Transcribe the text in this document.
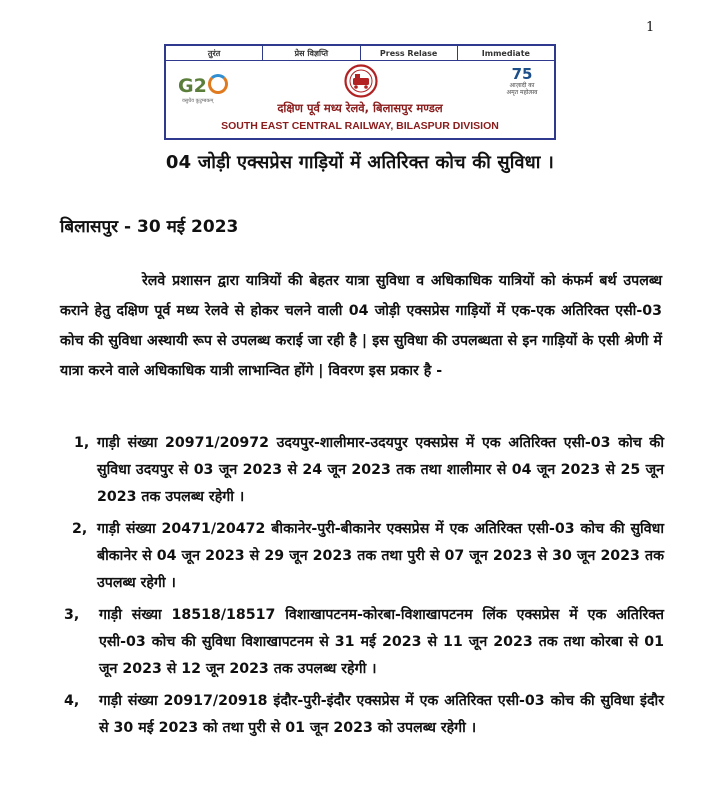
1
तुरंत	प्रेस विज्ञप्ति	Press Relase	Immediate
G2
वसुधैव कुटुम्बकम्
75
आज़ादी का
अमृत महोत्सव
दक्षिण पूर्व मध्य रेलवे, बिलासपुर मण्डल
SOUTH EAST CENTRAL RAILWAY, BILASPUR DIVISION
04 जोड़ी एक्सप्रेस गाड़ियों में अतिरिक्त कोच की सुविधा ।
बिलासपुर - 30 मई 2023

रेलवे प्रशासन द्वारा यात्रियों की बेहतर यात्रा सुविधा व अधिकाधिक यात्रियों को कंफर्म बर्थ उपलब्ध कराने हेतु दक्षिण पूर्व मध्य रेलवे से होकर चलने वाली 04 जोड़ी एक्सप्रेस गाड़ियों में एक-एक अतिरिक्त एसी-03 कोच की सुविधा अस्थायी रूप से उपलब्ध कराई जा रही है | इस सुविधा की उपलब्धता से इन गाड़ियों के एसी श्रेणी में यात्रा करने वाले अधिकाधिक यात्री लाभान्वित होंगे | विवरण इस प्रकार है -

1, गाड़ी संख्या 20971/20972 उदयपुर-शालीमार-उदयपुर एक्सप्रेस में एक अतिरिक्त एसी-03 कोच की सुविधा उदयपुर से 03 जून 2023 से 24 जून 2023 तक तथा शालीमार से 04 जून 2023 से 25 जून 2023 तक उपलब्ध रहेगी ।
2, गाड़ी संख्या 20471/20472 बीकानेर-पुरी-बीकानेर एक्सप्रेस में एक अतिरिक्त एसी-03 कोच की सुविधा बीकानेर से 04 जून 2023 से 29 जून 2023 तक तथा पुरी से 07 जून 2023 से 30 जून 2023 तक उपलब्ध रहेगी ।
3, गाड़ी संख्या 18518/18517 विशाखापटनम-कोरबा-विशाखापटनम लिंक एक्सप्रेस में एक अतिरिक्त एसी-03 कोच की सुविधा विशाखापटनम से 31 मई 2023 से 11 जून 2023 तक तथा कोरबा से 01 जून 2023 से 12 जून 2023 तक उपलब्ध रहेगी ।
4, गाड़ी संख्या 20917/20918 इंदौर-पुरी-इंदौर एक्सप्रेस में एक अतिरिक्त एसी-03 कोच की सुविधा इंदौर से 30 मई 2023 को तथा पुरी से 01 जून 2023 को उपलब्ध रहेगी ।
